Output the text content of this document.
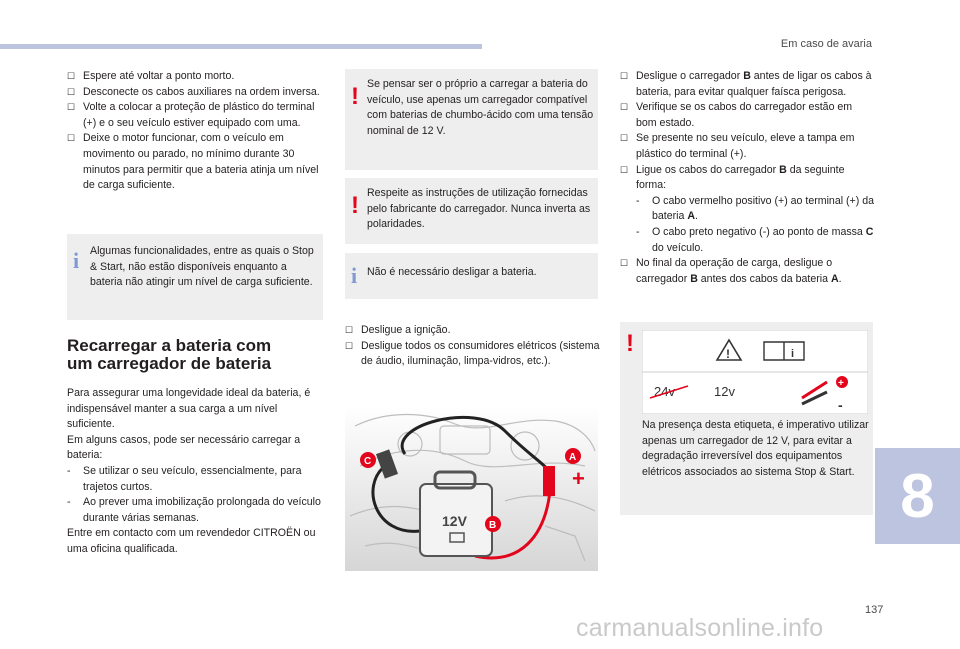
Em caso de avaria

☐ Espere até voltar a ponto morto.

☐ Desconecte os cabos auxiliares na ordem inversa.

☐ Volte a colocar a proteção de plástico do terminal (+) e o seu veículo estiver equipado com uma.

☐ Deixe o motor funcionar, com o veículo em movimento ou parado, no mínimo durante 30 minutos para permitir que a bateria atinja um nível de carga suficiente.

i Algumas funcionalidades, entre as quais o Stop & Start, não estão disponíveis enquanto a bateria não atingir um nível de carga suficiente.
Recarregar a bateria com
um carregador de bateria

Para assegurar uma longevidade ideal da bateria, é indispensável manter a sua carga a um nível suficiente.

Em alguns casos, pode ser necessário carregar a bateria:

- Se utilizar o seu veículo, essencialmente, para trajetos curtos.

- Ao prever uma imobilização prolongada do veículo durante várias semanas.

Entre em contacto com um revendedor CITROËN ou uma oficina qualificada.

! Se pensar ser o próprio a carregar a bateria do veículo, use apenas um carregador compatível com baterias de chumbo-ácido com uma tensão nominal de 12 V.
! Respeite as instruções de utilização fornecidas pelo fabricante do carregador. Nunca inverta as polaridades.
i Não é necessário desligar a bateria.

☐ Desligue a ignição.

☐ Desligue todos os consumidores elétricos (sistema de áudio, iluminação, limpa-vidros, etc.).

+
12V
C	A
B

☐ Desligue o carregador B antes de ligar os cabos à bateria, para evitar qualquer faísca perigosa.

☐ Verifique se os cabos do carregador estão em bom estado.

☐ Se presente no seu veículo, eleve a tampa em plástico do terminal (+).

☐ Ligue os cabos do carregador B da seguinte forma:

- O cabo vermelho positivo (+) ao terminal (+) da bateria A.

- O cabo preto negativo (-) ao ponto de massa C do veículo.

☐ No final da operação de carga, desligue o carregador B antes dos cabos da bateria A.

!	!	i
24v	12v
+
-
Na presença desta etiqueta, é imperativo utilizar apenas um carregador de 12 V, para evitar a degradação irreversível dos equipamentos elétricos associados ao sistema Stop & Start. 8
137
carmanualsonline.info
